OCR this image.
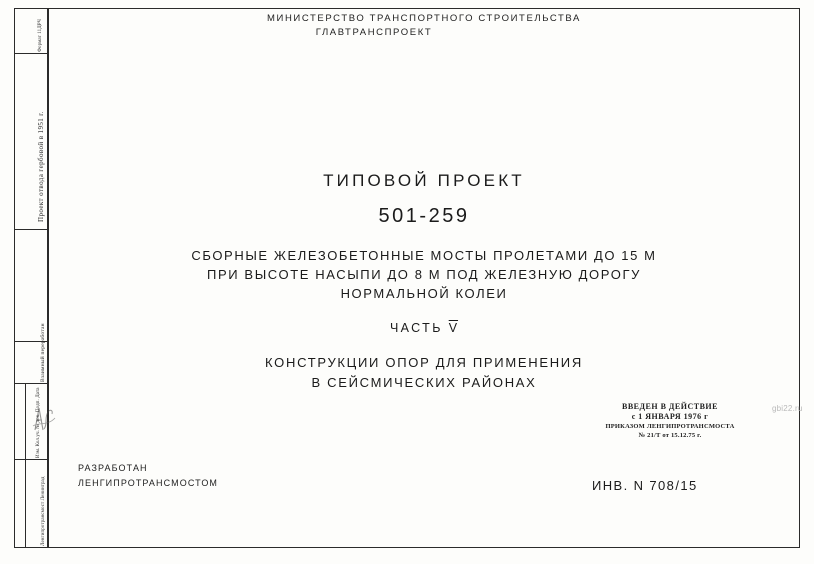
Формат 11ДРЧ
Проект отвода гербовой в 1951 г.
Взаимный переработан
Изм. Кол.уч. № док. Подп. Дата
Ленгипротрансмост Ленинград
МИНИСТЕРСТВО ТРАНСПОРТНОГО СТРОИТЕЛЬСТВА
ГЛАВТРАНСПРОЕКТ
ТИПОВОЙ ПРОЕКТ
501-259
СБОРНЫЕ ЖЕЛЕЗОБЕТОННЫЕ МОСТЫ ПРОЛЕТАМИ ДО 15 М
ПРИ ВЫСОТЕ НАСЫПИ ДО 8 М ПОД ЖЕЛЕЗНУЮ ДОРОГУ
НОРМАЛЬНОЙ КОЛЕИ
ЧАСТЬ $\overline{V}$
КОНСТРУКЦИИ ОПОР ДЛЯ ПРИМЕНЕНИЯ
В СЕЙСМИЧЕСКИХ РАЙОНАХ
ВВЕДЕН В ДЕЙСТВИЕ
с 1 ЯНВАРЯ 1976 г
ПРИКАЗОМ ЛЕНГИПРОТРАНСМОСТА
№ 21/Т от 15.12.75 г.
РАЗРАБОТАН
ЛЕНГИПРОТРАНСМОСТОМ	ИНВ. N 708/15
gbi22.ru
